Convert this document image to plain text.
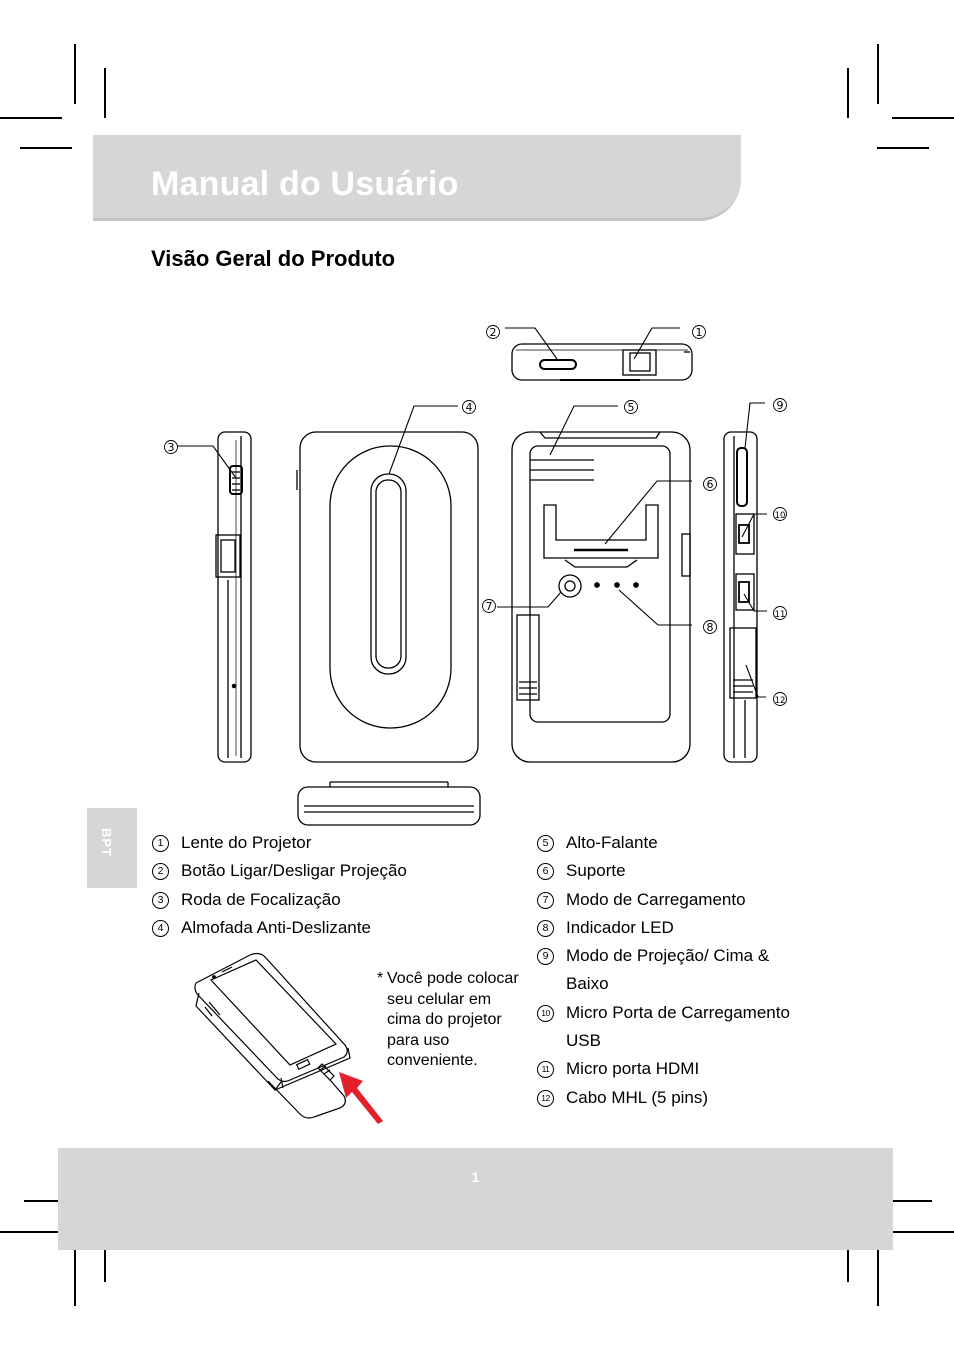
Manual do Usuário
Visão Geral do Produto
2	1
3
4	5
6
7
8
9
10
11
12
BPT	1	Lente do Projetor
2	Botão Ligar/Desligar Projeção
3	Roda de Focalização
4	Almofada Anti-Deslizante
5	Alto-Falante
6	Suporte
7	Modo de Carregamento
8	Indicador LED
9	Modo de Projeção/ Cima &
Baixo
10 Micro Porta de Carregamento
USB
11 Micro porta HDMI
12 Cabo MHL (5 pins)
* Você pode colocar seu celular em cima do projetor para uso conveniente.
1
